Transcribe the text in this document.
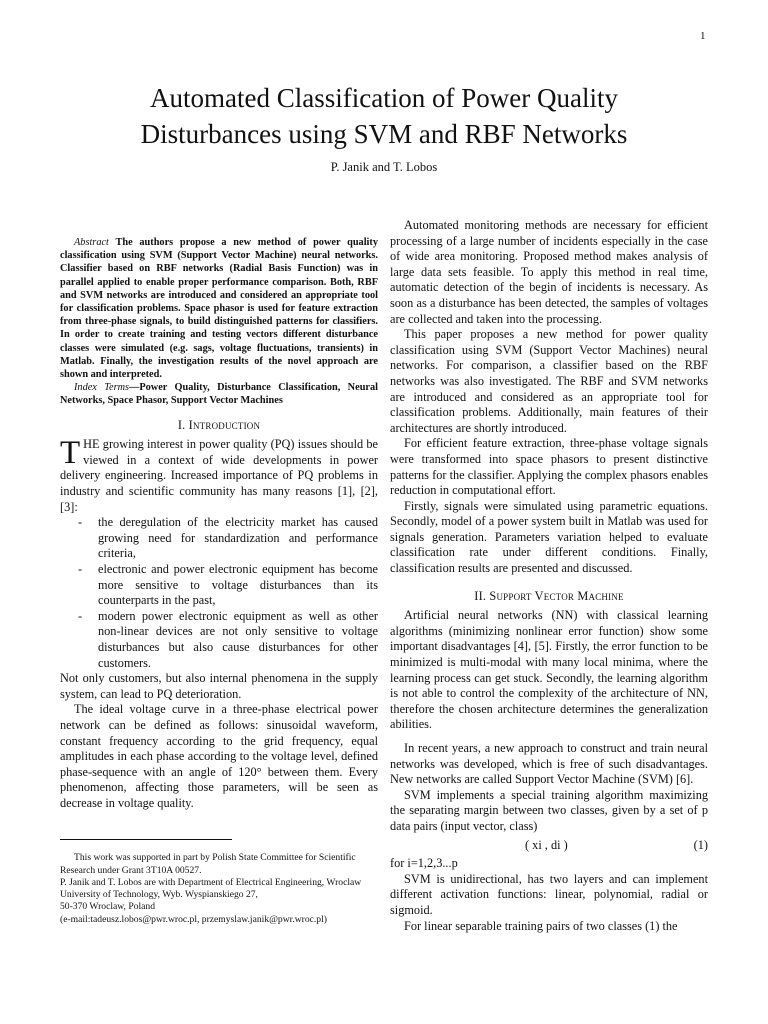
1
Automated Classification of Power Quality
Disturbances using SVM and RBF Networks
P. Janik and T. Lobos

Abstract The authors propose a new method of power quality classification using SVM (Support Vector Machine) neural networks. Classifier based on RBF networks (Radial Basis Function) was in parallel applied to enable proper performance comparison. Both, RBF and SVM networks are introduced and considered an appropriate tool for classification problems. Space phasor is used for feature extraction from three-phase signals, to build distinguished patterns for classifiers. In order to create training and testing vectors different disturbance classes were simulated (e.g. sags, voltage fluctuations, transients) in Matlab. Finally, the investigation results of the novel approach are shown and interpreted.

Index Terms—Power Quality, Disturbance Classification, Neural Networks, Space Phasor, Support Vector Machines

I. Introduction

THE growing interest in power quality (PQ) issues should be viewed in a context of wide developments in power delivery engineering. Increased importance of PQ problems in industry and scientific community has many reasons [1], [2], [3]:

-	the deregulation of the electricity market has caused growing need for standardization and performance criteria,
-	electronic and power electronic equipment has become more sensitive to voltage disturbances than its counterparts in the past,
-	modern power electronic equipment as well as other non-linear devices are not only sensitive to voltage disturbances but also cause disturbances for other customers.

Not only customers, but also internal phenomena in the supply system, can lead to PQ deterioration.

The ideal voltage curve in a three-phase electrical power network can be defined as follows: sinusoidal waveform, constant frequency according to the grid frequency, equal amplitudes in each phase according to the voltage level, defined phase-sequence with an angle of 120° between them. Every phenomenon, affecting those parameters, will be seen as decrease in voltage quality.

This work was supported in part by Polish State Committee for Scientific Research under Grant 3T10A 00527.

P. Janik and T. Lobos are with Department of Electrical Engineering, Wroclaw University of Technology, Wyb. Wyspianskiego 27,

50-370 Wroclaw, Poland

(e-mail:tadeusz.lobos@pwr.wroc.pl, przemyslaw.janik@pwr.wroc.pl)

Automated monitoring methods are necessary for efficient processing of a large number of incidents especially in the case of wide area monitoring. Proposed method makes analysis of large data sets feasible. To apply this method in real time, automatic detection of the begin of incidents is necessary. As soon as a disturbance has been detected, the samples of voltages are collected and taken into the processing.

This paper proposes a new method for power quality classification using SVM (Support Vector Machines) neural networks. For comparison, a classifier based on the RBF networks was also investigated. The RBF and SVM networks are introduced and considered as an appropriate tool for classification problems. Additionally, main features of their architectures are shortly introduced.

For efficient feature extraction, three-phase voltage signals were transformed into space phasors to present distinctive patterns for the classifier. Applying the complex phasors enables reduction in computational effort.

Firstly, signals were simulated using parametric equations. Secondly, model of a power system built in Matlab was used for signals generation. Parameters variation helped to evaluate classification rate under different conditions. Finally, classification results are presented and discussed.

II. Support Vector Machine

Artificial neural networks (NN) with classical learning algorithms (minimizing nonlinear error function) show some important disadvantages [4], [5]. Firstly, the error function to be minimized is multi-modal with many local minima, where the learning process can get stuck. Secondly, the learning algorithm is not able to control the complexity of the architecture of NN, therefore the chosen architecture determines the generalization abilities.

In recent years, a new approach to construct and train neural networks was developed, which is free of such disadvantages. New networks are called Support Vector Machine (SVM) [6].

SVM implements a special training algorithm maximizing the separating margin between two classes, given by a set of p data pairs (input vector, class)

( xi , di )	(1)

for i=1,2,3...p

SVM is unidirectional, has two layers and can implement different activation functions: linear, polynomial, radial or sigmoid.

For linear separable training pairs of two classes (1) the
